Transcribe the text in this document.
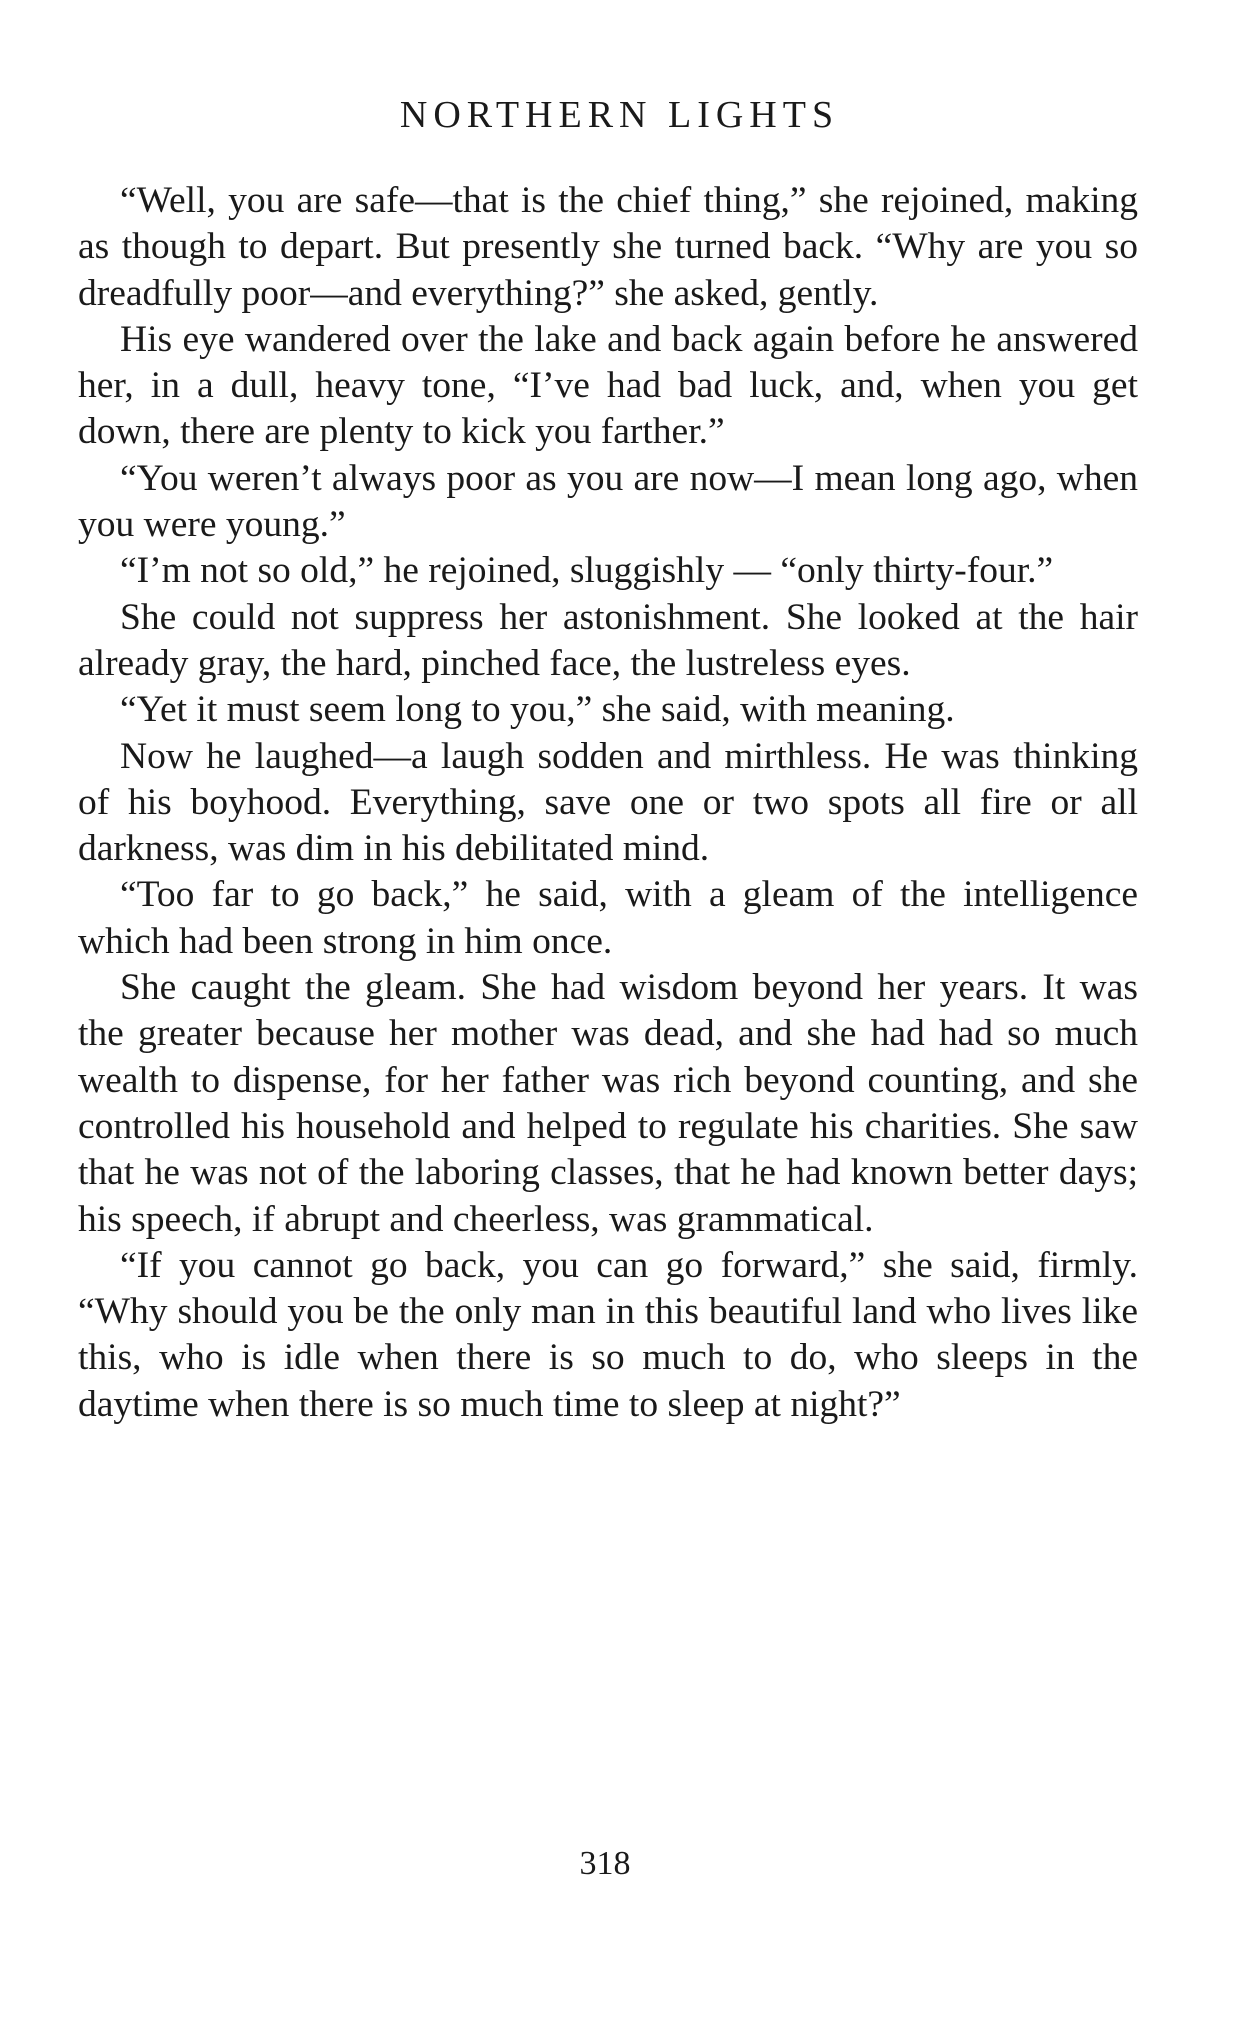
NORTHERN LIGHTS

“Well, you are safe—that is the chief thing,” she rejoined, making as though to depart. But presently she turned back. “Why are you so dreadfully poor—and everything?” she asked, gently.

His eye wandered over the lake and back again before he answered her, in a dull, heavy tone, “I’ve had bad luck, and, when you get down, there are plenty to kick you farther.”

“You weren’t always poor as you are now—I mean long ago, when you were young.”

“I’m not so old,” he rejoined, sluggishly — “only thirty-four.”

She could not suppress her astonishment. She looked at the hair already gray, the hard, pinched face, the lustreless eyes.

“Yet it must seem long to you,” she said, with meaning.

Now he laughed—a laugh sodden and mirthless. He was thinking of his boyhood. Everything, save one or two spots all fire or all darkness, was dim in his debilitated mind.

“Too far to go back,” he said, with a gleam of the intelligence which had been strong in him once.

She caught the gleam. She had wisdom beyond her years. It was the greater because her mother was dead, and she had had so much wealth to dispense, for her father was rich beyond counting, and she controlled his household and helped to regulate his charities. She saw that he was not of the laboring classes, that he had known better days; his speech, if abrupt and cheerless, was grammatical.

“If you cannot go back, you can go forward,” she said, firmly. “Why should you be the only man in this beautiful land who lives like this, who is idle when there is so much to do, who sleeps in the daytime when there is so much time to sleep at night?”

318
